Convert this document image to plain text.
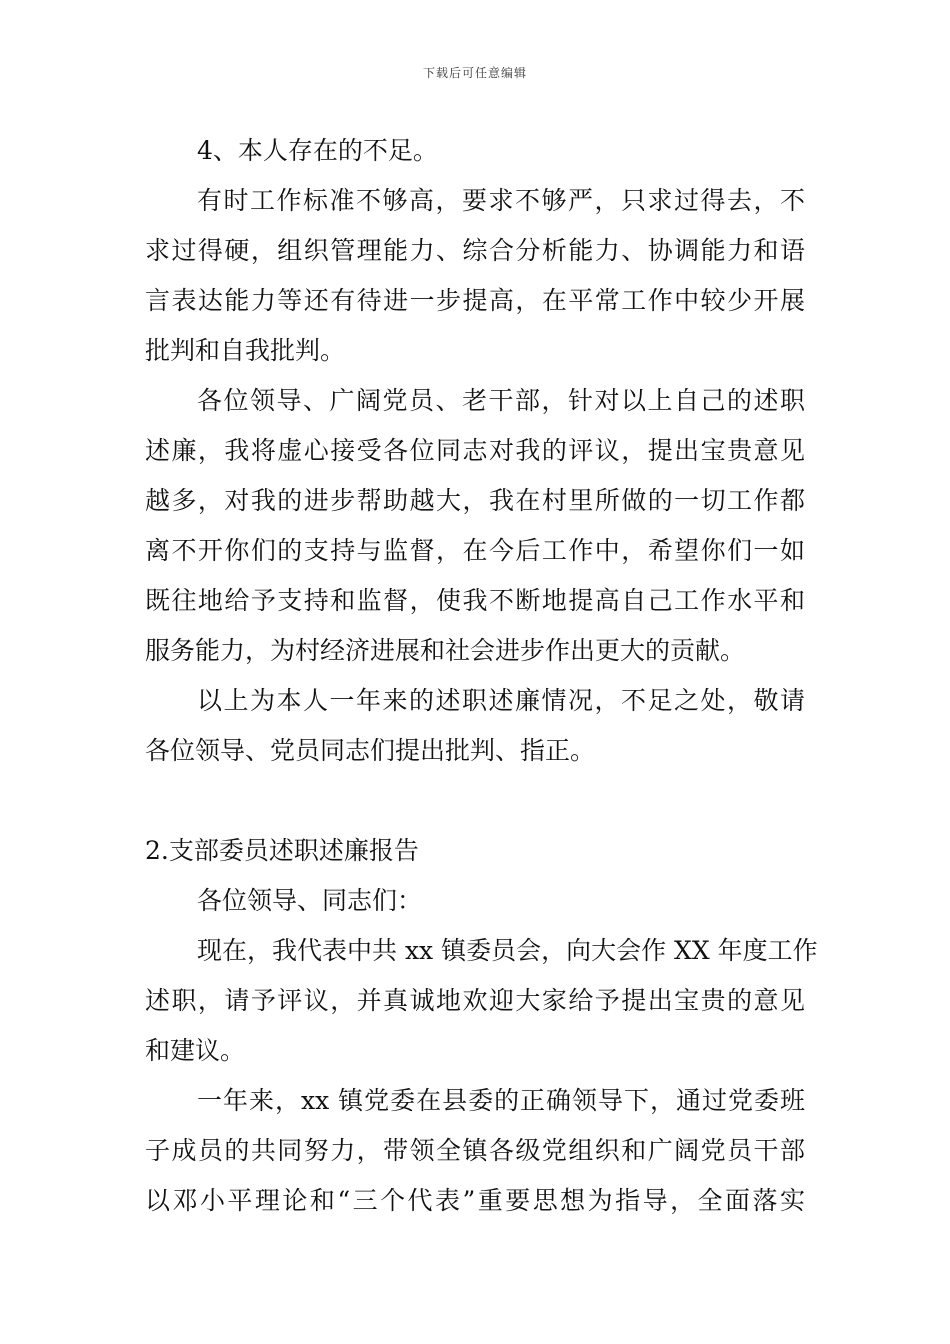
下载后可任意编辑
4、本人存在的不足。
有时工作标准不够高，要求不够严，只求过得去，不
求过得硬，组织管理能力、综合分析能力、协调能力和语
言表达能力等还有待进一步提高，在平常工作中较少开展
批判和自我批判。
各位领导、广阔党员、老干部，针对以上自己的述职
述廉，我将虚心接受各位同志对我的评议，提出宝贵意见
越多，对我的进步帮助越大，我在村里所做的一切工作都
离不开你们的支持与监督，在今后工作中，希望你们一如
既往地给予支持和监督，使我不断地提高自己工作水平和
服务能力，为村经济进展和社会进步作出更大的贡献。
以上为本人一年来的述职述廉情况，不足之处，敬请
各位领导、党员同志们提出批判、指正。
2.支部委员述职述廉报告
各位领导、同志们：
现在，我代表中共 xx 镇委员会，向大会作 XX 年度工作
述职，请予评议，并真诚地欢迎大家给予提出宝贵的意见
和建议。
一年来，xx 镇党委在县委的正确领导下，通过党委班
子成员的共同努力，带领全镇各级党组织和广阔党员干部
以邓小平理论和“三个代表”重要思想为指导，全面落实
